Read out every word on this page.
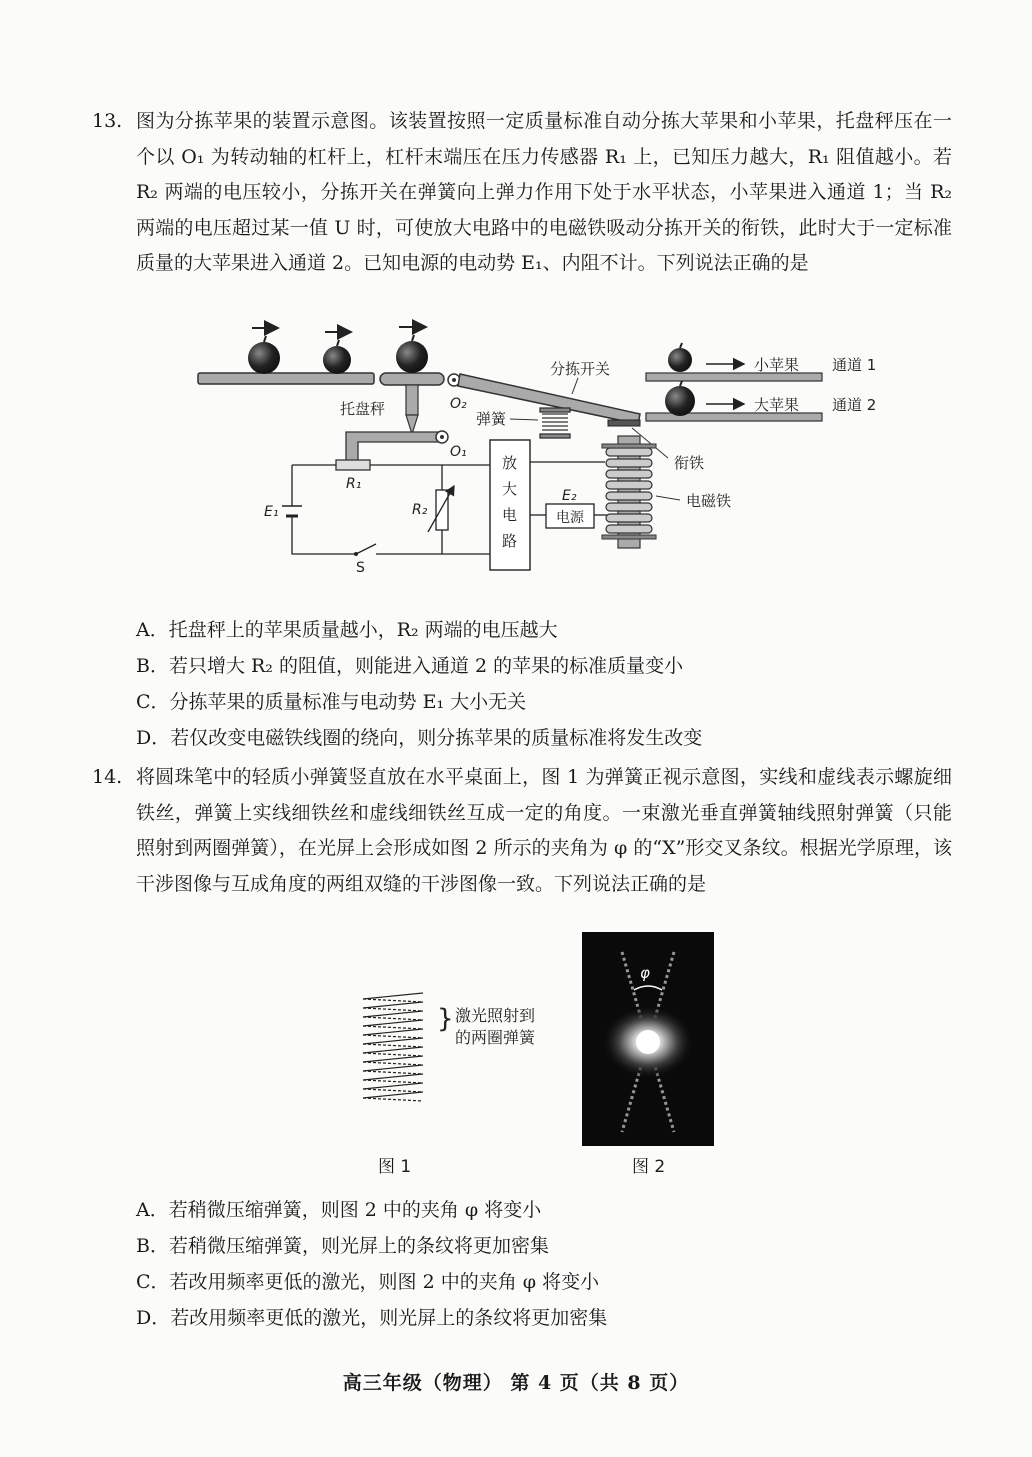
13. 图为分拣苹果的装置示意图。该装置按照一定质量标准自动分拣大苹果和小苹果，托盘秤压在一个以 O₁ 为转动轴的杠杆上，杠杆末端压在压力传感器 R₁ 上，已知压力越大，R₁ 阻值越小。若 R₂ 两端的电压较小，分拣开关在弹簧向上弹力作用下处于水平状态，小苹果进入通道 1；当 R₂ 两端的电压超过某一值 U 时，可使放大电路中的电磁铁吸动分拣开关的衔铁，此时大于一定标准质量的大苹果进入通道 2。已知电源的电动势 E₁、内阻不计。下列说法正确的是
托盘秤	O₂
分拣开关
弹簧
衔铁
小苹果
大苹果
通道 1
通道 2
O₁
R₁
E₁	R₂
S
放
大
电
路
电源
E₂	电磁铁
A．托盘秤上的苹果质量越小，R₂ 两端的电压越大
B．若只增大 R₂ 的阻值，则能进入通道 2 的苹果的标准质量变小
C．分拣苹果的质量标准与电动势 E₁ 大小无关
D．若仅改变电磁铁线圈的绕向，则分拣苹果的质量标准将发生改变
14. 将圆珠笔中的轻质小弹簧竖直放在水平桌面上，图 1 为弹簧正视示意图，实线和虚线表示螺旋细铁丝，弹簧上实线细铁丝和虚线细铁丝互成一定的角度。一束激光垂直弹簧轴线照射弹簧（只能照射到两圈弹簧），在光屏上会形成如图 2 所示的夹角为 φ 的“X”形交叉条纹。根据光学原理，该干涉图像与互成角度的两组双缝的干涉图像一致。下列说法正确的是
} 激光照射到
的两圈弹簧
图 1
φ
图 2
A．若稍微压缩弹簧，则图 2 中的夹角 φ 将变小
B．若稍微压缩弹簧，则光屏上的条纹将更加密集
C．若改用频率更低的激光，则图 2 中的夹角 φ 将变小
D．若改用频率更低的激光，则光屏上的条纹将更加密集
高三年级（物理） 第 4 页（共 8 页）
